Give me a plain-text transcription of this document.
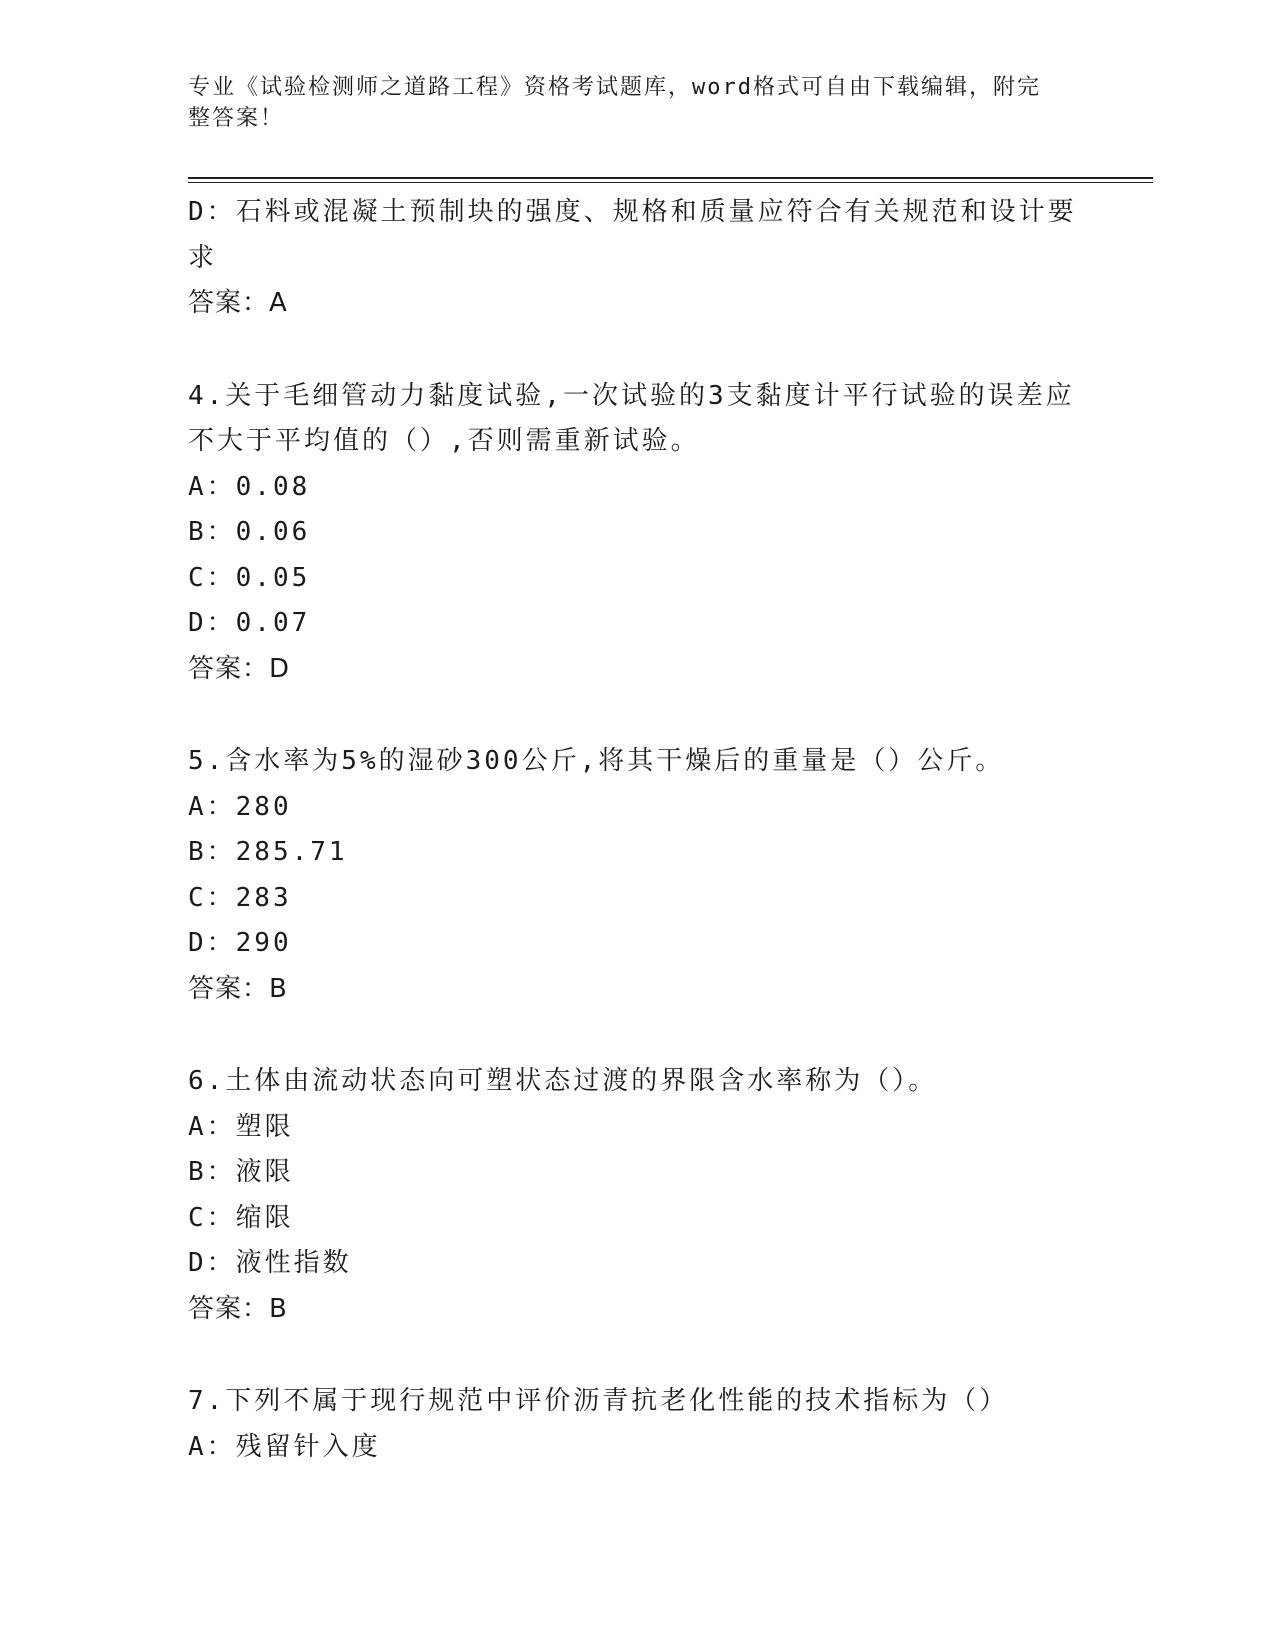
专业《试验检测师之道路工程》资格考试题库，word格式可自由下载编辑，附完
整答案！
D：石料或混凝土预制块的强度、规格和质量应符合有关规范和设计要
求
答案：A
4.关于毛细管动力黏度试验,一次试验的3支黏度计平行试验的误差应
不大于平均值的（）,否则需重新试验。
A：0.08
B：0.06
C：0.05
D：0.07
答案：D
5.含水率为5%的湿砂300公斤,将其干燥后的重量是（）公斤。
A：280
B：285.71
C：283
D：290
答案：B
6.土体由流动状态向可塑状态过渡的界限含水率称为（）。
A：塑限
B：液限
C：缩限
D：液性指数
答案：B
7.下列不属于现行规范中评价沥青抗老化性能的技术指标为（）
A：残留针入度
